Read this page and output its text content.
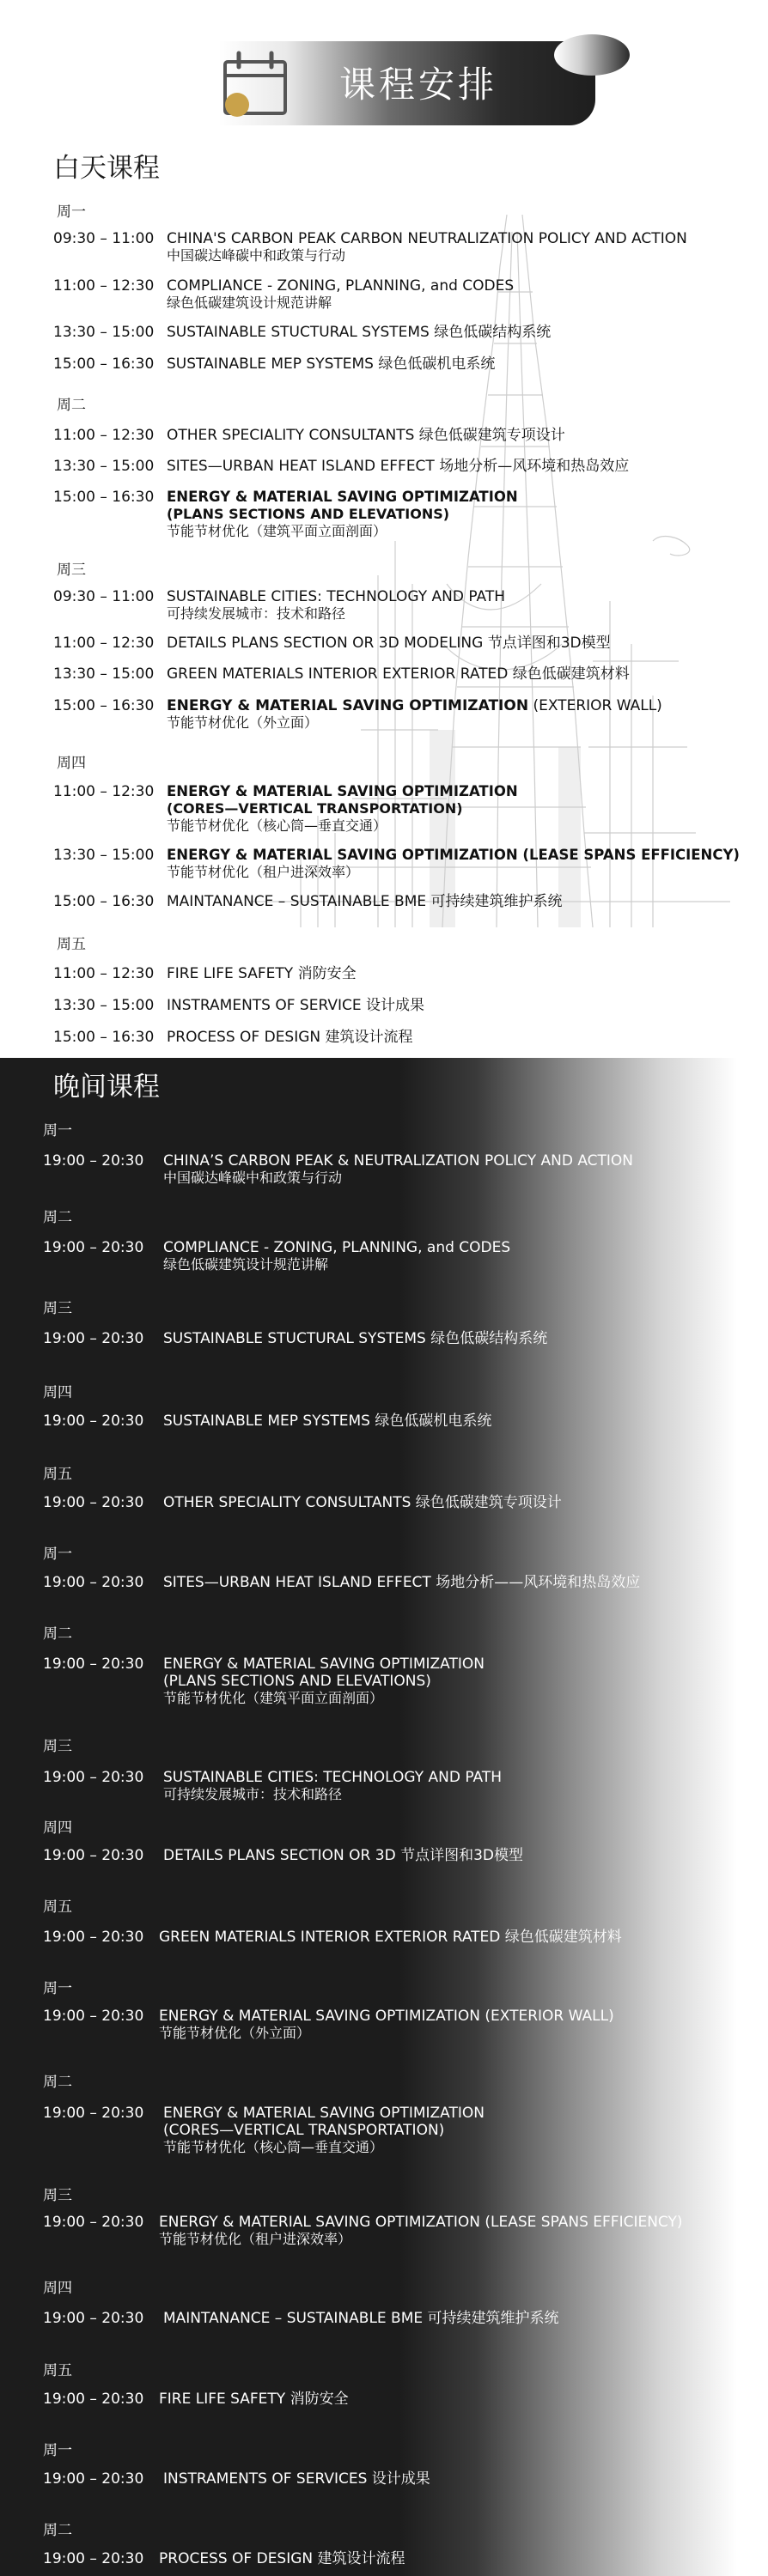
课程安排
白天课程
周一
09:30 – 11:00 CHINA'S CARBON PEAK CARBON NEUTRALIZATION POLICY AND ACTION
中国碳达峰碳中和政策与行动
11:00 – 12:30 COMPLIANCE - ZONING, PLANNING, and CODES
绿色低碳建筑设计规范讲解
13:30 – 15:00 SUSTAINABLE STUCTURAL SYSTEMS 绿色低碳结构系统
15:00 – 16:30 SUSTAINABLE MEP SYSTEMS 绿色低碳机电系统
周二
11:00 – 12:30 OTHER SPECIALITY CONSULTANTS 绿色低碳建筑专项设计
13:30 – 15:00 SITES—URBAN HEAT ISLAND EFFECT 场地分析—风环境和热岛效应
15:00 – 16:30 ENERGY & MATERIAL SAVING OPTIMIZATION
(PLANS SECTIONS AND ELEVATIONS)
节能节材优化（建筑平面立面剖面）
周三
09:30 – 11:00 SUSTAINABLE CITIES: TECHNOLOGY AND PATH
可持续发展城市：技术和路径
11:00 – 12:30 DETAILS PLANS SECTION OR 3D MODELING 节点详图和3D模型
13:30 – 15:00 GREEN MATERIALS INTERIOR EXTERIOR RATED 绿色低碳建筑材料
15:00 – 16:30 ENERGY & MATERIAL SAVING OPTIMIZATION (EXTERIOR WALL)
节能节材优化（外立面）
周四
11:00 – 12:30 ENERGY & MATERIAL SAVING OPTIMIZATION
(CORES—VERTICAL TRANSPORTATION)
节能节材优化（核心筒—垂直交通）
13:30 – 15:00 ENERGY & MATERIAL SAVING OPTIMIZATION (LEASE SPANS EFFICIENCY)
节能节材优化（租户进深效率）
15:00 – 16:30 MAINTANANCE – SUSTAINABLE BME 可持续建筑维护系统
周五
11:00 – 12:30 FIRE LIFE SAFETY 消防安全
13:30 – 15:00 INSTRAMENTS OF SERVICE 设计成果
15:00 – 16:30 PROCESS OF DESIGN 建筑设计流程
晚间课程
周一
19:00 – 20:30 CHINA’S CARBON PEAK & NEUTRALIZATION POLICY AND ACTION
中国碳达峰碳中和政策与行动
周二
19:00 – 20:30 COMPLIANCE - ZONING, PLANNING, and CODES
绿色低碳建筑设计规范讲解
周三
19:00 – 20:30 SUSTAINABLE STUCTURAL SYSTEMS 绿色低碳结构系统
周四
19:00 – 20:30 SUSTAINABLE MEP SYSTEMS 绿色低碳机电系统
周五
19:00 – 20:30 OTHER SPECIALITY CONSULTANTS 绿色低碳建筑专项设计
周一
19:00 – 20:30 SITES—URBAN HEAT ISLAND EFFECT 场地分析——风环境和热岛效应
周二
19:00 – 20:30 ENERGY & MATERIAL SAVING OPTIMIZATION
(PLANS SECTIONS AND ELEVATIONS)
节能节材优化（建筑平面立面剖面）
周三
19:00 – 20:30 SUSTAINABLE CITIES: TECHNOLOGY AND PATH
可持续发展城市：技术和路径
周四
19:00 – 20:30 DETAILS PLANS SECTION OR 3D 节点详图和3D模型
周五
19:00 – 20:30 GREEN MATERIALS INTERIOR EXTERIOR RATED 绿色低碳建筑材料
周一
19:00 – 20:30 ENERGY & MATERIAL SAVING OPTIMIZATION (EXTERIOR WALL)
节能节材优化（外立面）
周二
19:00 – 20:30 ENERGY & MATERIAL SAVING OPTIMIZATION
(CORES—VERTICAL TRANSPORTATION)
节能节材优化（核心筒—垂直交通）
周三
19:00 – 20:30 ENERGY & MATERIAL SAVING OPTIMIZATION (LEASE SPANS EFFICIENCY)
节能节材优化（租户进深效率）
周四
19:00 – 20:30 MAINTANANCE – SUSTAINABLE BME 可持续建筑维护系统
周五
19:00 – 20:30 FIRE LIFE SAFETY 消防安全
周一
19:00 – 20:30 INSTRAMENTS OF SERVICES 设计成果
周二
19:00 – 20:30 PROCESS OF DESIGN 建筑设计流程
